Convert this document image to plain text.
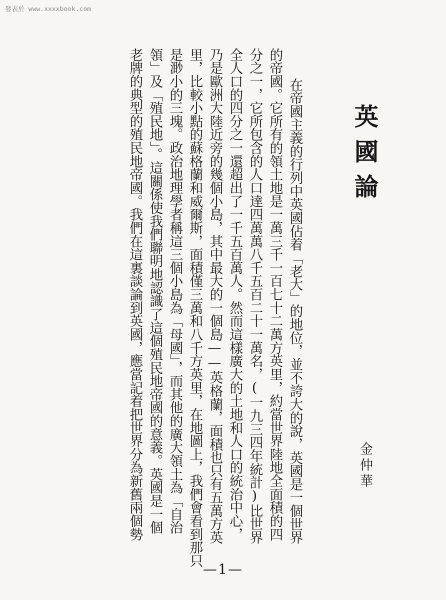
發表於 www.xxxxbook.com
英國論
金仲華
在帝國主義的行列中英國佔着「老大」的地位，並不誇大的說，英國是一個世界
的帝國。它所有的領土地是一萬三千一百七十二萬方英里，約當世界陸地全面積的四
分之一，它所包含的人口達四萬萬八千五百二十一萬名，(一九三四年統計)比世界
全人口的四分之一還超出了一千五百萬人。然而這樣廣大的土地和人口的統治中心，
乃是歐洲大陸近旁的幾個小島，其中最大的一個島——英格蘭，面積也只有五萬方英
里，比較小點的蘇格蘭和威爾斯，面積僅三萬和八千方英里，在地圖上，我們會看到那只
是渺小的三塊。政治地理學者稱這三個小島為「母國」，而其他的廣大領土為「自治
領」及「殖民地」。這關係使我們聯明地認識了這個殖民地帝國的意義。英國是一個
老牌的典型的殖民地帝國。我們在這裏談論到英國，應當記着把世界分為新舊兩個勢
—1—
